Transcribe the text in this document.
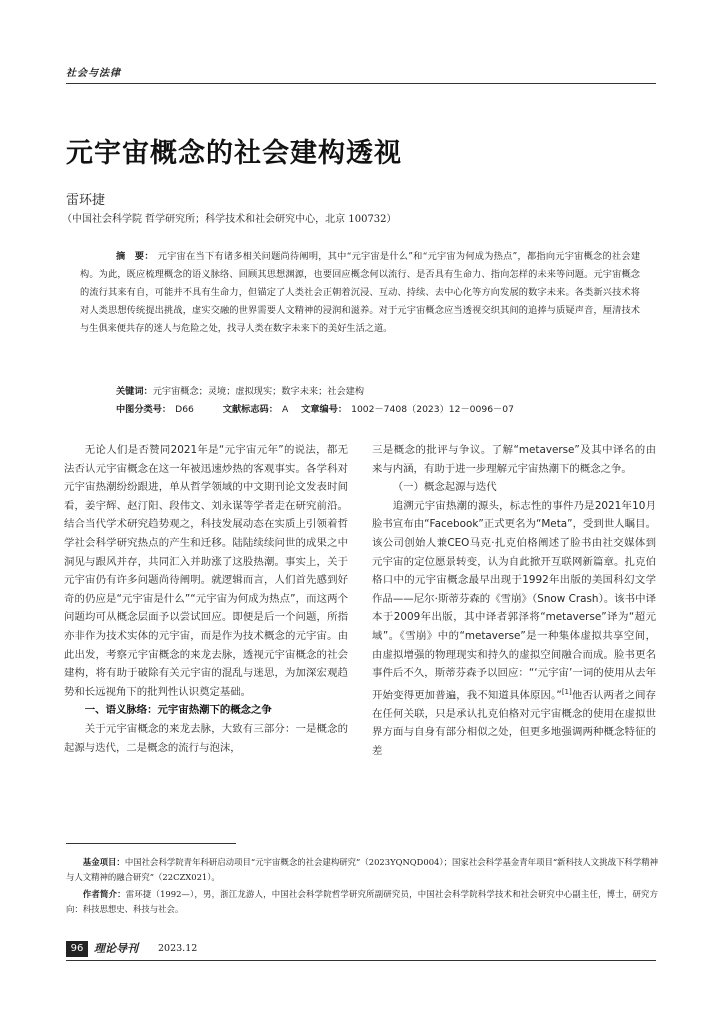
社会与法律
元宇宙概念的社会建构透视
雷环捷
（中国社会科学院 哲学研究所；科学技术和社会研究中心，北京 100732）
摘　要： 元宇宙在当下有诸多相关问题尚待阐明，其中“元宇宙是什么”和“元宇宙为何成为热点”，都指向元宇宙概念的社会建构。为此，既应梳理概念的语义脉络、回顾其思想渊源，也要回应概念何以流行、是否具有生命力、指向怎样的未来等问题。元宇宙概念的流行其来有自，可能并不具有生命力，但锚定了人类社会正朝着沉浸、互动、持续、去中心化等方向发展的数字未来。各类新兴技术将对人类思想传统提出挑战，虚实交融的世界需要人文精神的浸润和滋养。对于元宇宙概念应当透视交织其间的追捧与质疑声音，厘清技术与生俱来便共存的迷人与危险之处，找寻人类在数字未来下的美好生活之道。
关键词：元宇宙概念；灵境；虚拟现实；数字未来；社会建构
中图分类号： D66	文献标志码： A 文章编号： 1002－7408（2023）12－0096－07

无论人们是否赞同2021年是“元宇宙元年”的说法，都无法否认元宇宙概念在这一年被迅速炒热的客观事实。各学科对元宇宙热潮纷纷跟进，单从哲学领域的中文期刊论文发表时间看，姜宇辉、赵汀阳、段伟文、刘永谋等学者走在研究前沿。结合当代学术研究趋势观之，科技发展动态在实质上引领着哲学社会科学研究热点的产生和迁移。陆陆续续问世的成果之中洞见与跟风并存，共同汇入并助涨了这股热潮。事实上，关于元宇宙仍有许多问题尚待阐明。就逻辑而言，人们首先感到好奇的仍应是“元宇宙是什么”“元宇宙为何成为热点”，而这两个问题均可从概念层面予以尝试回应。即便是后一个问题，所指亦非作为技术实体的元宇宙，而是作为技术概念的元宇宙。由此出发，考察元宇宙概念的来龙去脉，透视元宇宙概念的社会建构，将有助于破除有关元宇宙的混乱与迷思，为加深宏观趋势和长远视角下的批判性认识奠定基础。

一、语义脉络：元宇宙热潮下的概念之争

关于元宇宙概念的来龙去脉，大致有三部分：一是概念的起源与迭代，二是概念的流行与泡沫，

三是概念的批评与争议。了解“metaverse”及其中译名的由来与内涵，有助于进一步理解元宇宙热潮下的概念之争。

（一）概念起源与迭代

追溯元宇宙热潮的源头，标志性的事件乃是2021年10月脸书宣布由“Facebook”正式更名为“Meta”，受到世人瞩目。该公司创始人兼CEO马克·扎克伯格阐述了脸书由社交媒体到元宇宙的定位愿景转变，认为自此掀开互联网新篇章。扎克伯格口中的元宇宙概念最早出现于1992年出版的美国科幻文学作品——尼尔·斯蒂芬森的《雪崩》（Snow Crash）。该书中译本于2009年出版，其中译者郭泽将“metaverse”译为“超元域”。《雪崩》中的“metaverse”是一种集体虚拟共享空间，由虚拟增强的物理现实和持久的虚拟空间融合而成。脸书更名事件后不久，斯蒂芬森予以回应：“‘元宇宙’一词的使用从去年开始变得更加普遍，我不知道具体原因。”[1]他否认两者之间存在任何关联，只是承认扎克伯格对元宇宙概念的使用在虚拟世界方面与自身有部分相似之处，但更多地强调两种概念特征的差

基金项目：中国社会科学院青年科研启动项目“元宇宙概念的社会建构研究”（2023YQNQD004）；国家社会科学基金青年项目“新科技人文挑战下科学精神与人文精神的融合研究”（22CZX021）。

作者简介：雷环捷（1992—），男，浙江龙游人，中国社会科学院哲学研究所副研究员，中国社会科学院科学技术和社会研究中心副主任，博士，研究方向：科技思想史、科技与社会。

96 理论导刊 2023.12
